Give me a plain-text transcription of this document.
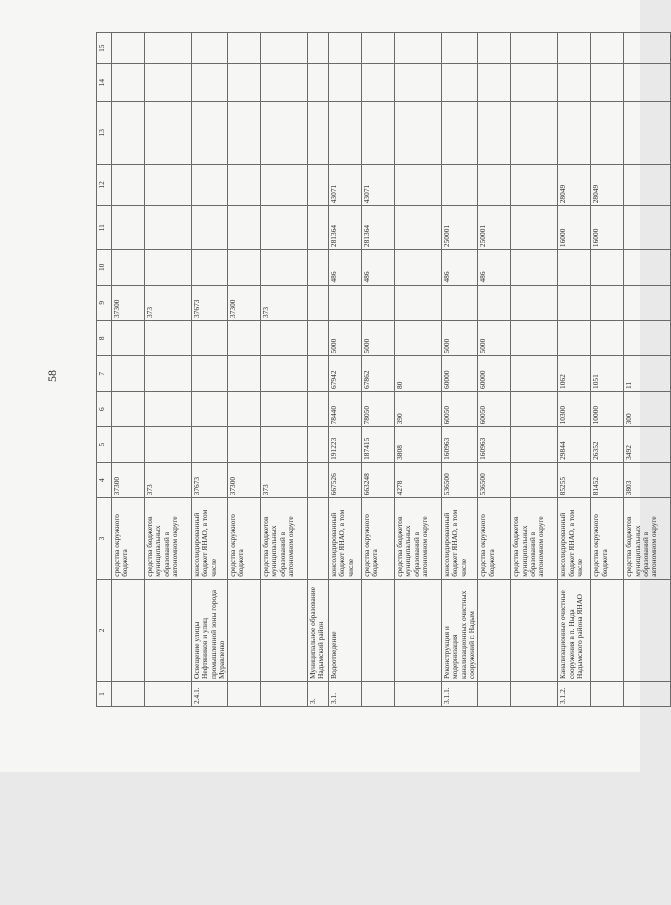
58
1	2	3	4	5	6	7	8	9	10	11	12	13	14	15
		средства окружного бюджета	37300					37300						
		средства бюджетов муниципальных образований в автономном округе	373					373						
2.4.1.	Освещение улицы Нефтяников и улиц промышленной зоны города Муравленко	консолидированный бюджет ЯНАО, в том числе	37673					37673						
		средства окружного бюджета	37300					37300						
		средства бюджетов муниципальных образований в автономном округе	373					373						
3.	Муниципальное образование Надымский район													
3.1.	Водоотведение	консолидированный бюджет ЯНАО, в том числе	667526	191223	78440	67942	5000		486	281364	43071			
		средства окружного бюджета	663248	187415	78050	67862	5000		486	281364	43071			
		средства бюджетов муниципальных образований в автономном округе	4278	3808	390	80								
3.1.1.	Реконструкция и модернизация канализационных очистных сооружений г. Надым	консолидированный бюджет ЯНАО, в том числе	536500	160963	60050	60000	5000		486	250001				
		средства окружного бюджета	536500	160963	60050	60000	5000		486	250001				
		средства бюджетов муниципальных образований в автономном округе												
3.1.2.	Канализационные очистные сооружения в п. Ныда Надымского района ЯНАО	консолидированный бюджет ЯНАО, в том числе	85255	29844	10300	1062				16000	28049			
		средства окружного бюджета	81452	26352	10000	1051				16000	28049			
		средства бюджетов муниципальных образований в автономном округе	3803	3492	300	11								
